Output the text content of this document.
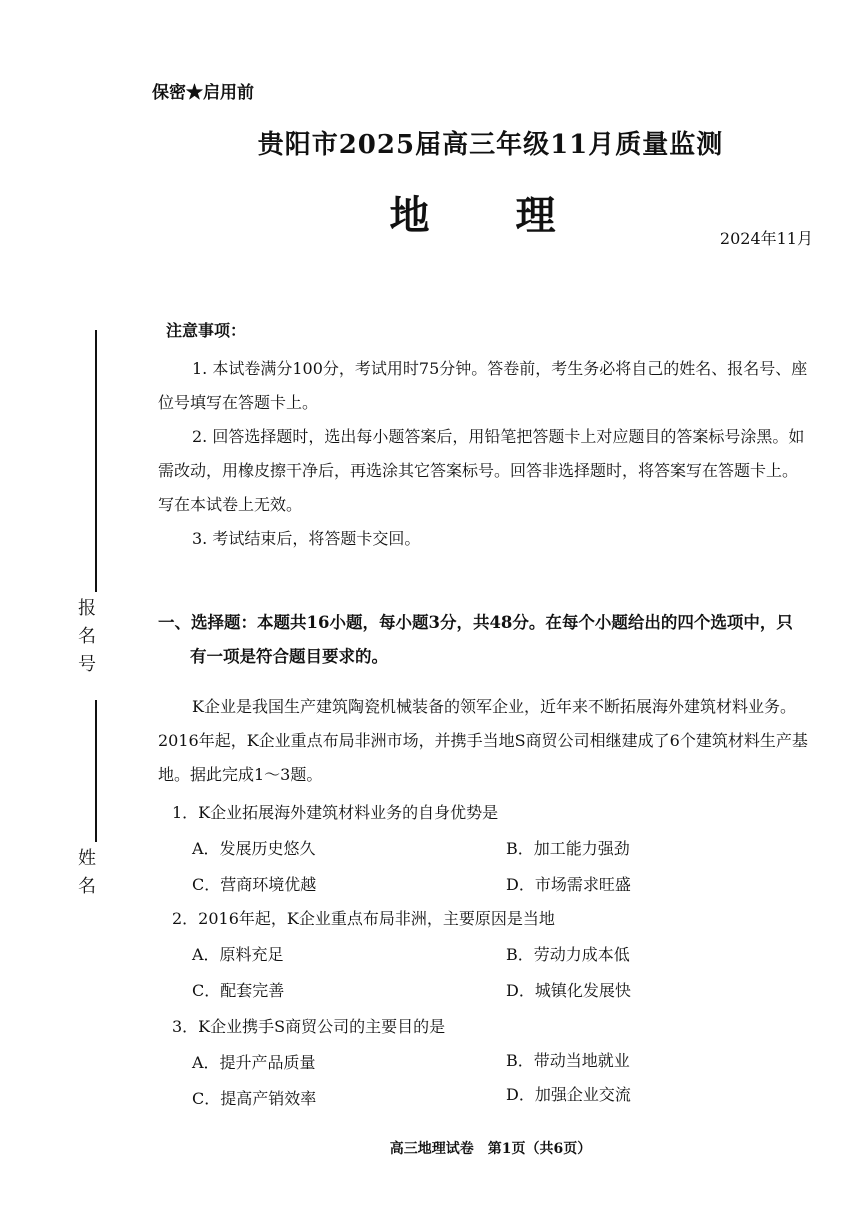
报名号
姓名
保密★启用前
贵阳市2025届高三年级11月质量监测
地 理	2024年11月
注意事项：
1. 本试卷满分100分，考试用时75分钟。答卷前，考生务必将自己的姓名、报名号、座位号填写在答题卡上。
2. 回答选择题时，选出每小题答案后，用铅笔把答题卡上对应题目的答案标号涂黑。如需改动，用橡皮擦干净后，再选涂其它答案标号。回答非选择题时，将答案写在答题卡上。写在本试卷上无效。
3. 考试结束后，将答题卡交回。
一、选择题：本题共16小题，每小题3分，共48分。在每个小题给出的四个选项中，只
有一项是符合题目要求的。
K企业是我国生产建筑陶瓷机械装备的领军企业，近年来不断拓展海外建筑材料业务。2016年起，K企业重点布局非洲市场，并携手当地S商贸公司相继建成了6个建筑材料生产基地。据此完成1～3题。
1．K企业拓展海外建筑材料业务的自身优势是
A．发展历史悠久	B．加工能力强劲
C．营商环境优越	D．市场需求旺盛
2．2016年起，K企业重点布局非洲，主要原因是当地
A．原料充足	B．劳动力成本低
C．配套完善	D．城镇化发展快
3．K企业携手S商贸公司的主要目的是
A．提升产品质量	B．带动当地就业
C．提高产销效率	D．加强企业交流
高三地理试卷　第1页（共6页）
